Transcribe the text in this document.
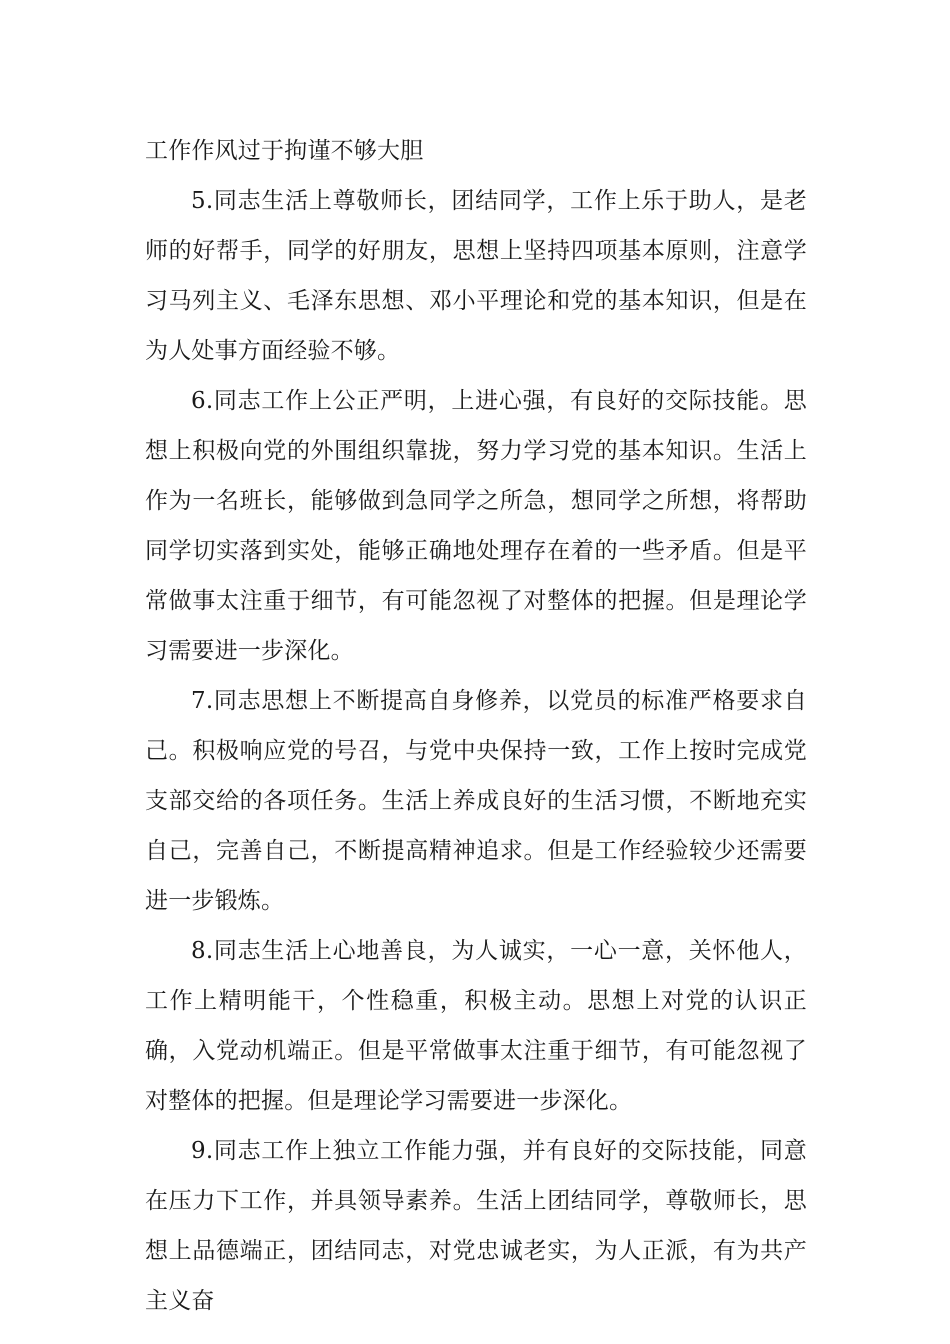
工作作风过于拘谨不够大胆

5.同志生活上尊敬师长，团结同学，工作上乐于助人，是老师的好帮手，同学的好朋友，思想上坚持四项基本原则，注意学习马列主义、毛泽东思想、邓小平理论和党的基本知识，但是在为人处事方面经验不够。

6.同志工作上公正严明，上进心强，有良好的交际技能。思想上积极向党的外围组织靠拢，努力学习党的基本知识。生活上作为一名班长，能够做到急同学之所急，想同学之所想，将帮助同学切实落到实处，能够正确地处理存在着的一些矛盾。但是平常做事太注重于细节，有可能忽视了对整体的把握。但是理论学习需要进一步深化。

7.同志思想上不断提高自身修养，以党员的标准严格要求自己。积极响应党的号召，与党中央保持一致，工作上按时完成党支部交给的各项任务。生活上养成良好的生活习惯，不断地充实自己，完善自己，不断提高精神追求。但是工作经验较少还需要进一步锻炼。

8.同志生活上心地善良，为人诚实，一心一意，关怀他人，工作上精明能干，个性稳重，积极主动。思想上对党的认识正确，入党动机端正。但是平常做事太注重于细节，有可能忽视了对整体的把握。但是理论学习需要进一步深化。

9.同志工作上独立工作能力强，并有良好的交际技能，同意在压力下工作，并具领导素养。生活上团结同学，尊敬师长，思想上品德端正，团结同志，对党忠诚老实，为人正派，有为共产主义奋
